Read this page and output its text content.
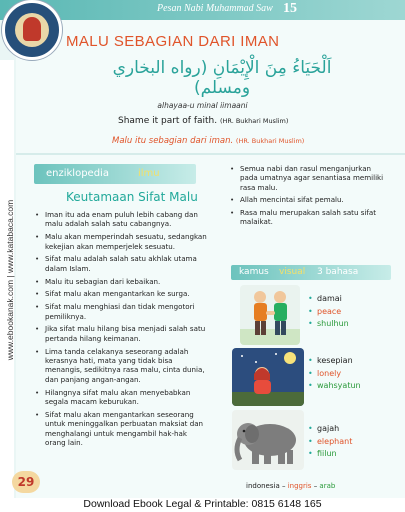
Pesan Nabi Muhammad Saw 15
www.ebookanak.com | www.katabaca.com
MALU SEBAGIAN DARI IMAN
اَلْحَيَاءُ مِنَ الْإِيْمَانِ (رواه البخاري ومسلم)
alhayaa-u minal iimaani
Shame it part of faith. (HR. Bukhari Muslim)
Malu itu sebagian dari iman. (HR. Bukhari Muslim)
enziklopedia	ilmu
Keutamaan Sifat Malu
• Iman itu ada enam puluh lebih cabang dan malu adalah salah satu cabangnya.
• Malu akan memperindah sesuatu, sedangkan kekejian akan memperjelek sesuatu.
• Sifat malu adalah salah satu akhlak utama dalam Islam.
• Malu itu sebagian dari kebaikan.
• Sifat malu akan mengantarkan ke surga.
• Sifat malu menghiasi dan tidak mengotori pemiliknya.
• Jika sifat malu hilang bisa menjadi salah satu pertanda hilang keimanan.
• Lima tanda celakanya seseorang adalah kerasnya hati, mata yang tidak bisa menangis, sedikitnya rasa malu, cinta dunia, dan panjang angan-angan.
• Hilangnya sifat malu akan menyebabkan segala macam keburukan.
• Sifat malu akan mengantarkan seseorang untuk meninggalkan perbuatan maksiat dan menghalangi untuk mengambil hak-hak orang lain.
• Semua nabi dan rasul menganjurkan pada umatnya agar senantiasa memiliki rasa malu.
• Allah mencintai sifat pemalu.
• Rasa malu merupakan salah satu sifat malaikat.
kamus visual 3 bahasa
• damai
• peace
• shulhun
• kesepian
• lonely
• wahsyatun
• gajah
• elephant
• fiilun
indonesia – inggris – arab
29
Download Ebook Legal & Printable: 0815 6148 165
